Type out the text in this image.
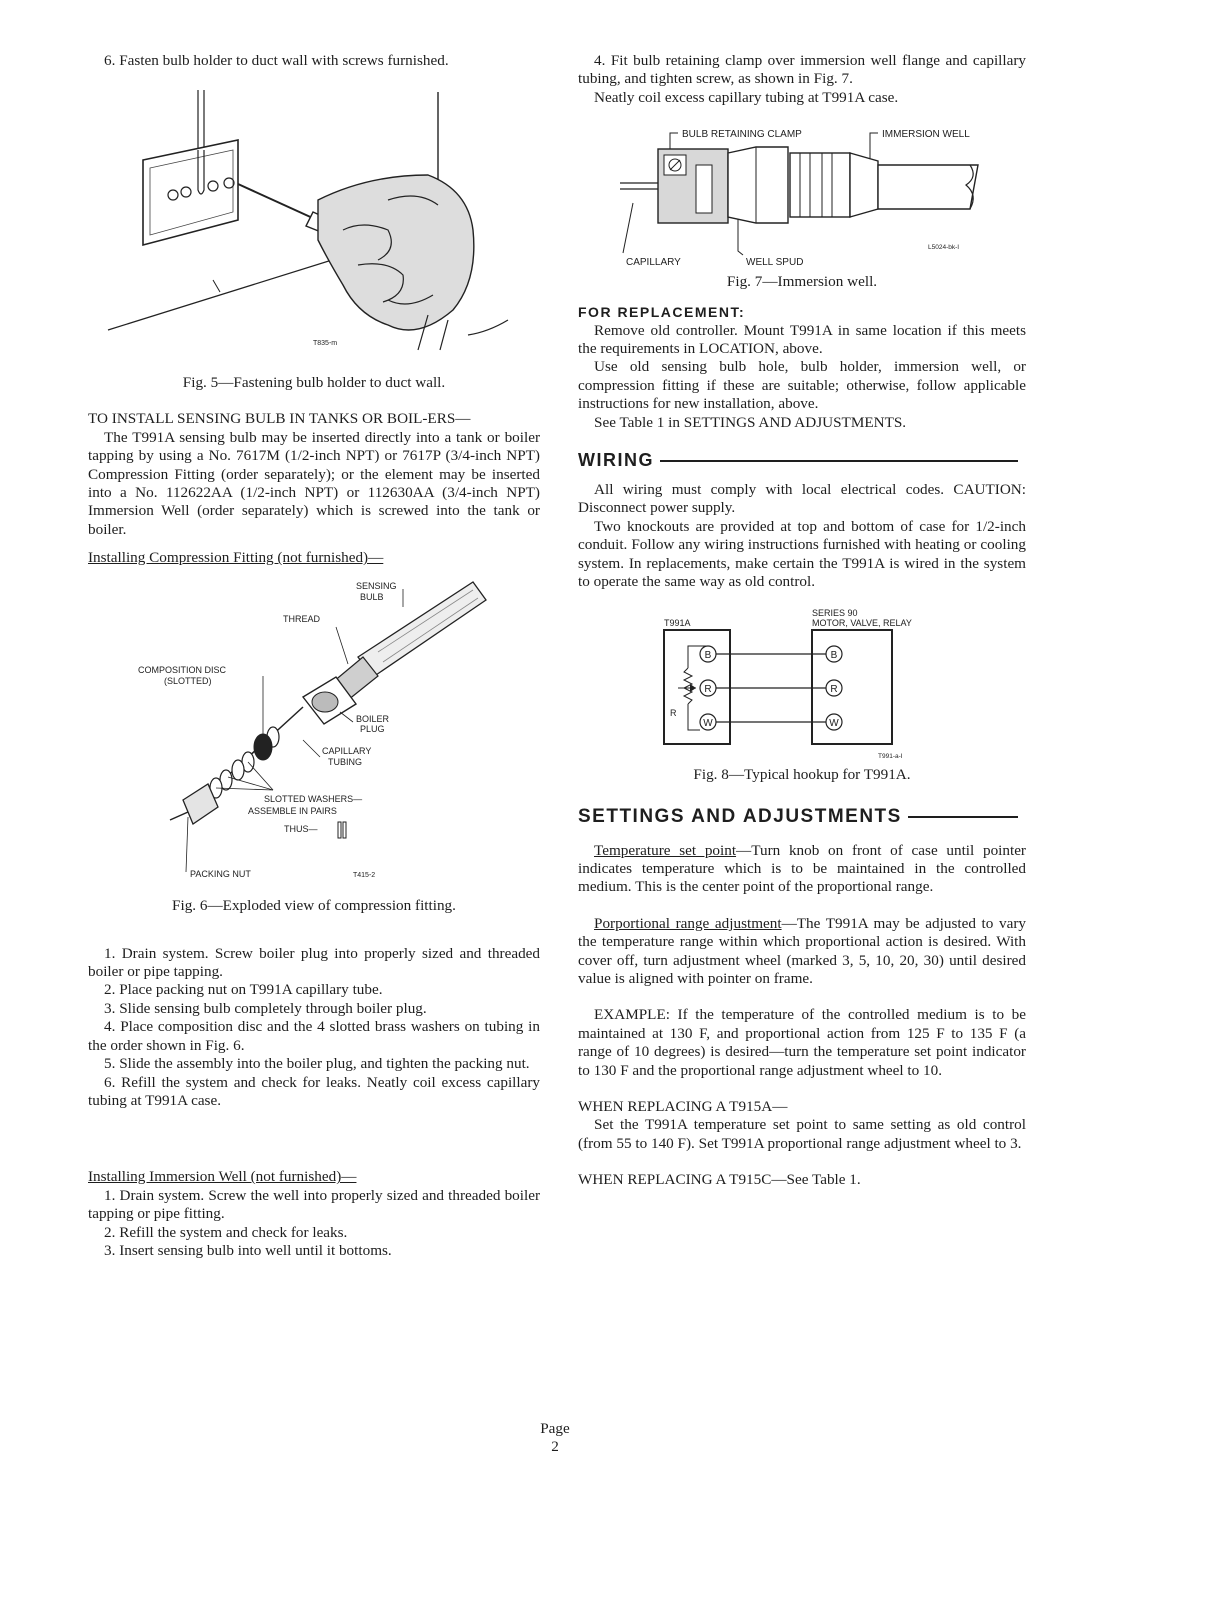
6. Fasten bulb holder to duct wall with screws furnished.

T835-m

Fig. 5—Fastening bulb holder to duct wall.

TO INSTALL SENSING BULB IN TANKS OR BOIL-ERS—

The T991A sensing bulb may be inserted directly into a tank or boiler tapping by using a No. 7617M (1/2-inch NPT) or 7617P (3/4-inch NPT) Compression Fitting (order separately); or the element may be inserted into a No. 112622AA (1/2-inch NPT) or 112630AA (3/4-inch NPT) Immersion Well (order separately) which is screwed into the tank or boiler.

Installing Compression Fitting (not furnished)—

SENSING
BULB
THREAD
COMPOSITION DISC
(SLOTTED)
BOILER
PLUG
CAPILLARY
TUBING
SLOTTED WASHERS—
ASSEMBLE IN PAIRS
THUS—
PACKING NUT	T415-2

Fig. 6—Exploded view of compression fitting.

1. Drain system. Screw boiler plug into properly sized and threaded boiler or pipe tapping.

2. Place packing nut on T991A capillary tube.

3. Slide sensing bulb completely through boiler plug.

4. Place composition disc and the 4 slotted brass washers on tubing in the order shown in Fig. 6.

5. Slide the assembly into the boiler plug, and tighten the packing nut.

6. Refill the system and check for leaks. Neatly coil excess capillary tubing at T991A case.

Installing Immersion Well (not furnished)—

1. Drain system. Screw the well into properly sized and threaded boiler tapping or pipe fitting.

2. Refill the system and check for leaks.

3. Insert sensing bulb into well until it bottoms.

4. Fit bulb retaining clamp over immersion well flange and capillary tubing, and tighten screw, as shown in Fig. 7.

Neatly coil excess capillary tubing at T991A case.

BULB RETAINING CLAMP	IMMERSION WELL
CAPILLARY	WELL SPUD
L5024-bk-I

Fig. 7—Immersion well.

FOR REPLACEMENT:

Remove old controller. Mount T991A in same location if this meets the requirements in LOCATION, above.

Use old sensing bulb hole, bulb holder, immersion well, or compression fitting if these are suitable; otherwise, follow applicable instructions for new installation, above.

See Table 1 in SETTINGS AND ADJUSTMENTS.

WIRING

All wiring must comply with local electrical codes. CAUTION: Disconnect power supply.

Two knockouts are provided at top and bottom of case for 1/2-inch conduit. Follow any wiring instructions furnished with heating or cooling system. In replacements, make certain the T991A is wired in the system to operate the same way as old control.

T991A
SERIES 90
MOTOR, VALVE, RELAY
B
R
W
B
R
W
R
T991-a-I

Fig. 8—Typical hookup for T991A.

SETTINGS AND ADJUSTMENTS

Temperature set point—Turn knob on front of case until pointer indicates temperature which is to be maintained in the controlled medium. This is the center point of the proportional range.

Porportional range adjustment—The T991A may be adjusted to vary the temperature range within which proportional action is desired. With cover off, turn adjustment wheel (marked 3, 5, 10, 20, 30) until desired value is aligned with pointer on frame.

EXAMPLE: If the temperature of the controlled medium is to be maintained at 130 F, and proportional action from 125 F to 135 F (a range of 10 degrees) is desired—turn the temperature set point indicator to 130 F and the proportional range adjustment wheel to 10.

WHEN REPLACING A T915A—

Set the T991A temperature set point to same setting as old control (from 55 to 140 F). Set T991A proportional range adjustment wheel to 3.

WHEN REPLACING A T915C—See Table 1.

Page
2
